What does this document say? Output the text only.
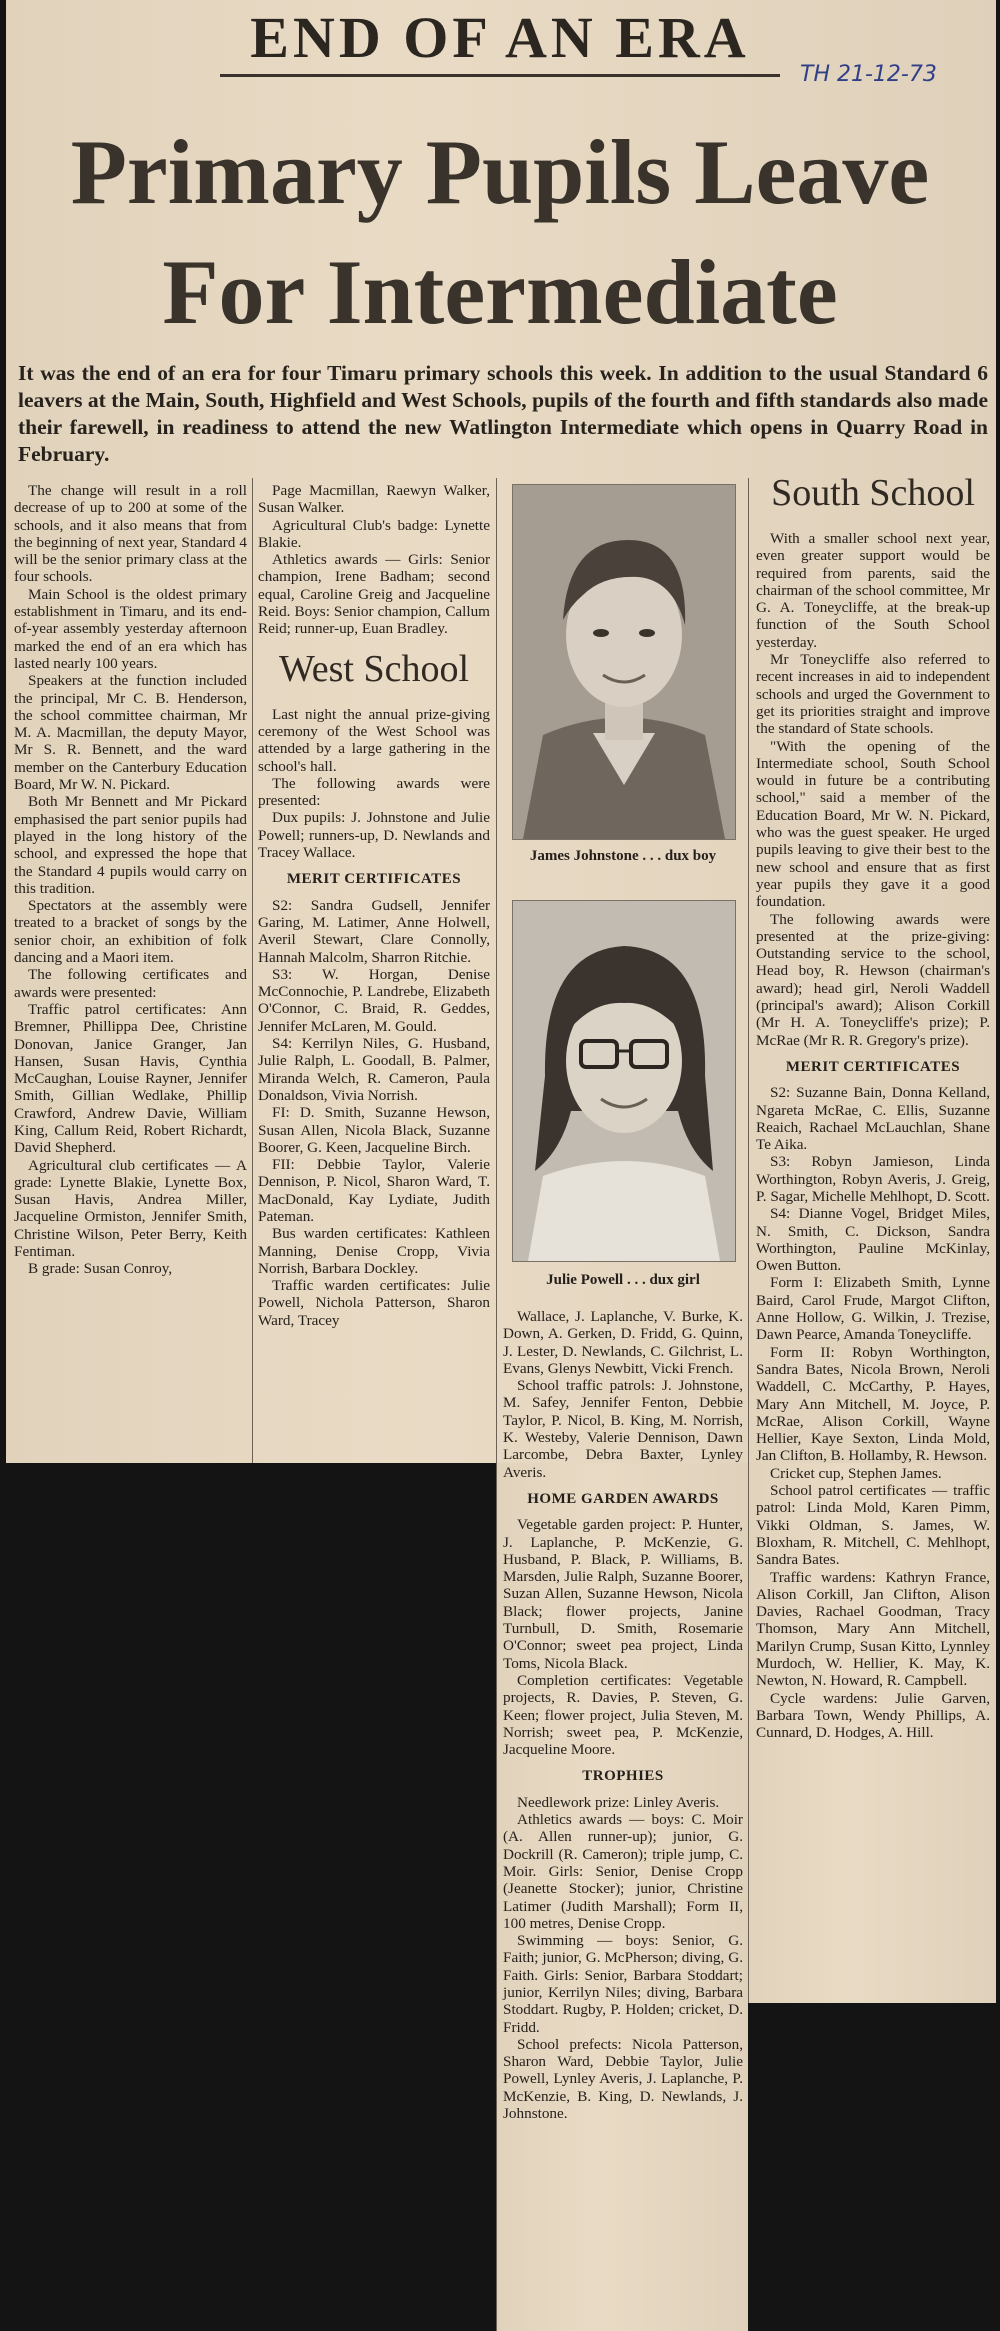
END OF AN ERA
TH 21-12-73
Primary Pupils Leave
For Intermediate
It was the end of an era for four Timaru primary schools this week. In addition to the usual Standard 6 leavers at the Main, South, Highfield and West Schools, pupils of the fourth and fifth standards also made their farewell, in readiness to attend the new Watlington Intermediate which opens in Quarry Road in February.

The change will result in a roll decrease of up to 200 at some of the schools, and it also means that from the beginning of next year, Standard 4 will be the senior primary class at the four schools.

Main School is the oldest primary establishment in Timaru, and its end-of-year assembly yesterday afternoon marked the end of an era which has lasted nearly 100 years.

Speakers at the function included the principal, Mr C. B. Henderson, the school committee chairman, Mr M. A. Macmillan, the deputy Mayor, Mr S. R. Bennett, and the ward member on the Canterbury Education Board, Mr W. N. Pickard.

Both Mr Bennett and Mr Pickard emphasised the part senior pupils had played in the long history of the school, and expressed the hope that the Standard 4 pupils would carry on this tradition.

Spectators at the assembly were treated to a bracket of songs by the senior choir, an exhibition of folk dancing and a Maori item.

The following certificates and awards were presented:

Traffic patrol certificates: Ann Bremner, Phillippa Dee, Christine Donovan, Janice Granger, Jan Hansen, Susan Havis, Cynthia McCaughan, Louise Rayner, Jennifer Smith, Gillian Wedlake, Phillip Crawford, Andrew Davie, William King, Callum Reid, Robert Richardt, David Shepherd.

Agricultural club certificates — A grade: Lynette Blakie, Lynette Box, Susan Havis, Andrea Miller, Jacqueline Ormiston, Jennifer Smith, Christine Wilson, Peter Berry, Keith Fentiman.

B grade: Susan Conroy,

Page Macmillan, Raewyn Walker, Susan Walker.

Agricultural Club's badge: Lynette Blakie.

Athletics awards — Girls: Senior champion, Irene Badham; second equal, Caroline Greig and Jacqueline Reid. Boys: Senior champion, Callum Reid; runner-up, Euan Bradley.

West School

Last night the annual prize-giving ceremony of the West School was attended by a large gathering in the school's hall.

The following awards were presented:

Dux pupils: J. Johnstone and Julie Powell; runners-up, D. Newlands and Tracey Wallace.

MERIT CERTIFICATES

S2: Sandra Gudsell, Jennifer Garing, M. Latimer, Anne Holwell, Averil Stewart, Clare Connolly, Hannah Malcolm, Sharron Ritchie.

S3: W. Horgan, Denise McConnochie, P. Landrebe, Elizabeth O'Connor, C. Braid, R. Geddes, Jennifer McLaren, M. Gould.

S4: Kerrilyn Niles, G. Husband, Julie Ralph, L. Goodall, B. Palmer, Miranda Welch, R. Cameron, Paula Donaldson, Vivia Norrish.

FI: D. Smith, Suzanne Hewson, Susan Allen, Nicola Black, Suzanne Boorer, G. Keen, Jacqueline Birch.

FII: Debbie Taylor, Valerie Dennison, P. Nicol, Sharon Ward, T. MacDonald, Kay Lydiate, Judith Pateman.

Bus warden certificates: Kathleen Manning, Denise Cropp, Vivia Norrish, Barbara Dockley.

Traffic warden certificates: Julie Powell, Nichola Patterson, Sharon Ward, Tracey

James Johnstone . . . dux boy
Julie Powell . . . dux girl

Wallace, J. Laplanche, V. Burke, K. Down, A. Gerken, D. Fridd, G. Quinn, J. Lester, D. Newlands, C. Gilchrist, L. Evans, Glenys Newbitt, Vicki French.

School traffic patrols: J. Johnstone, M. Safey, Jennifer Fenton, Debbie Taylor, P. Nicol, B. King, M. Norrish, K. Westeby, Valerie Dennison, Dawn Larcombe, Debra Baxter, Lynley Averis.

HOME GARDEN AWARDS

Vegetable garden project: P. Hunter, J. Laplanche, P. McKenzie, G. Husband, P. Black, P. Williams, B. Marsden, Julie Ralph, Suzanne Boorer, Suzan Allen, Suzanne Hewson, Nicola Black; flower projects, Janine Turnbull, D. Smith, Rosemarie O'Connor; sweet pea project, Linda Toms, Nicola Black.

Completion certificates: Vegetable projects, R. Davies, P. Steven, G. Keen; flower project, Julia Steven, M. Norrish; sweet pea, P. McKenzie, Jacqueline Moore.

TROPHIES

Needlework prize: Linley Averis.

Athletics awards — boys: C. Moir (A. Allen runner-up); junior, G. Dockrill (R. Cameron); triple jump, C. Moir. Girls: Senior, Denise Cropp (Jeanette Stocker); junior, Christine Latimer (Judith Marshall); Form II, 100 metres, Denise Cropp.

Swimming — boys: Senior, G. Faith; junior, G. McPherson; diving, G. Faith. Girls: Senior, Barbara Stoddart; junior, Kerrilyn Niles; diving, Barbara Stoddart. Rugby, P. Holden; cricket, D. Fridd.

School prefects: Nicola Patterson, Sharon Ward, Debbie Taylor, Julie Powell, Lynley Averis, J. Laplanche, P. McKenzie, B. King, D. Newlands, J. Johnstone.

South School

With a smaller school next year, even greater support would be required from parents, said the chairman of the school committee, Mr G. A. Toneycliffe, at the break-up function of the South School yesterday.

Mr Toneycliffe also referred to recent increases in aid to independent schools and urged the Government to get its priorities straight and improve the standard of State schools.

"With the opening of the Intermediate school, South School would in future be a contributing school," said a member of the Education Board, Mr W. N. Pickard, who was the guest speaker. He urged pupils leaving to give their best to the new school and ensure that as first year pupils they gave it a good foundation.

The following awards were presented at the prize-giving: Outstanding service to the school, Head boy, R. Hewson (chairman's award); head girl, Neroli Waddell (principal's award); Alison Corkill (Mr H. A. Toneycliffe's prize); P. McRae (Mr R. R. Gregory's prize).

MERIT CERTIFICATES

S2: Suzanne Bain, Donna Kelland, Ngareta McRae, C. Ellis, Suzanne Reaich, Rachael McLauchlan, Shane Te Aika.

S3: Robyn Jamieson, Linda Worthington, Robyn Averis, J. Greig, P. Sagar, Michelle Mehlhopt, D. Scott.

S4: Dianne Vogel, Bridget Miles, N. Smith, C. Dickson, Sandra Worthington, Pauline McKinlay, Owen Button.

Form I: Elizabeth Smith, Lynne Baird, Carol Frude, Margot Clifton, Anne Hollow, G. Wilkin, J. Trezise, Dawn Pearce, Amanda Toneycliffe.

Form II: Robyn Worthington, Sandra Bates, Nicola Brown, Neroli Waddell, C. McCarthy, P. Hayes, Mary Ann Mitchell, M. Joyce, P. McRae, Alison Corkill, Wayne Hellier, Kaye Sexton, Linda Mold, Jan Clifton, B. Hollamby, R. Hewson.

Cricket cup, Stephen James.

School patrol certificates — traffic patrol: Linda Mold, Karen Pimm, Vikki Oldman, S. James, W. Bloxham, R. Mitchell, C. Mehlhopt, Sandra Bates.

Traffic wardens: Kathryn France, Alison Corkill, Jan Clifton, Alison Davies, Rachael Goodman, Tracy Thomson, Mary Ann Mitchell, Marilyn Crump, Susan Kitto, Lynnley Murdoch, W. Hellier, K. May, K. Newton, N. Howard, R. Campbell.

Cycle wardens: Julie Garven, Barbara Town, Wendy Phillips, A. Cunnard, D. Hodges, A. Hill.
